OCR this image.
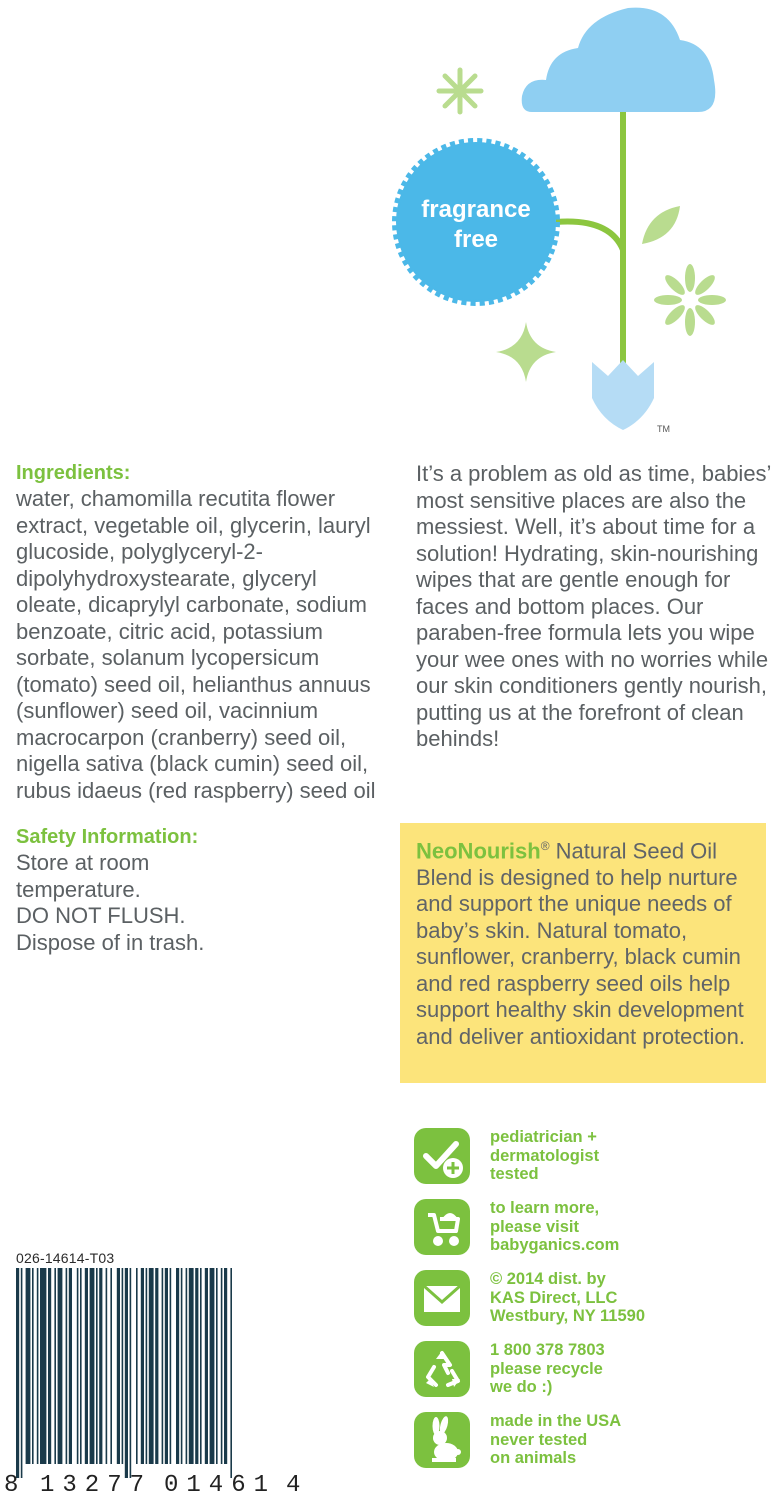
fragrance
free
TM
Ingredients:

water, chamomilla recutita flower extract, vegetable oil, glycerin, lauryl glucoside, polyglyceryl-2-dipolyhydroxystearate, glyceryl oleate, dicaprylyl carbonate, sodium benzoate, citric acid, potassium sorbate, solanum lycopersicum (tomato) seed oil, helianthus annuus (sunflower) seed oil, vacinnium macrocarpon (cranberry) seed oil, nigella sativa (black cumin) seed oil, rubus idaeus (red raspberry) seed oil

Safety Information:
Store at room
temperature.
DO NOT FLUSH.
Dispose of in trash.

It’s a problem as old as time, babies’ most sensitive places are also the messiest. Well, it’s about time for a solution! Hydrating, skin-nourishing wipes that are gentle enough for faces and bottom places. Our paraben-free formula lets you wipe your wee ones with no worries while our skin conditioners gently nourish, putting us at the forefront of clean behinds!

NeoNourish® Natural Seed Oil Blend is designed to help nurture and support the unique needs of baby’s skin. Natural tomato, sunflower, cranberry, black cumin and red raspberry seed oils help support healthy skin development and deliver antioxidant protection.
pediatrician +
dermatologist
tested
to learn more,
please visit
babyganics.com
© 2014 dist. by
KAS Direct, LLC
Westbury, NY 11590
1 800 378 7803
please recycle
we do :)
made in the USA
never tested
on animals
026-14614-T03
8 13277 01461 4
